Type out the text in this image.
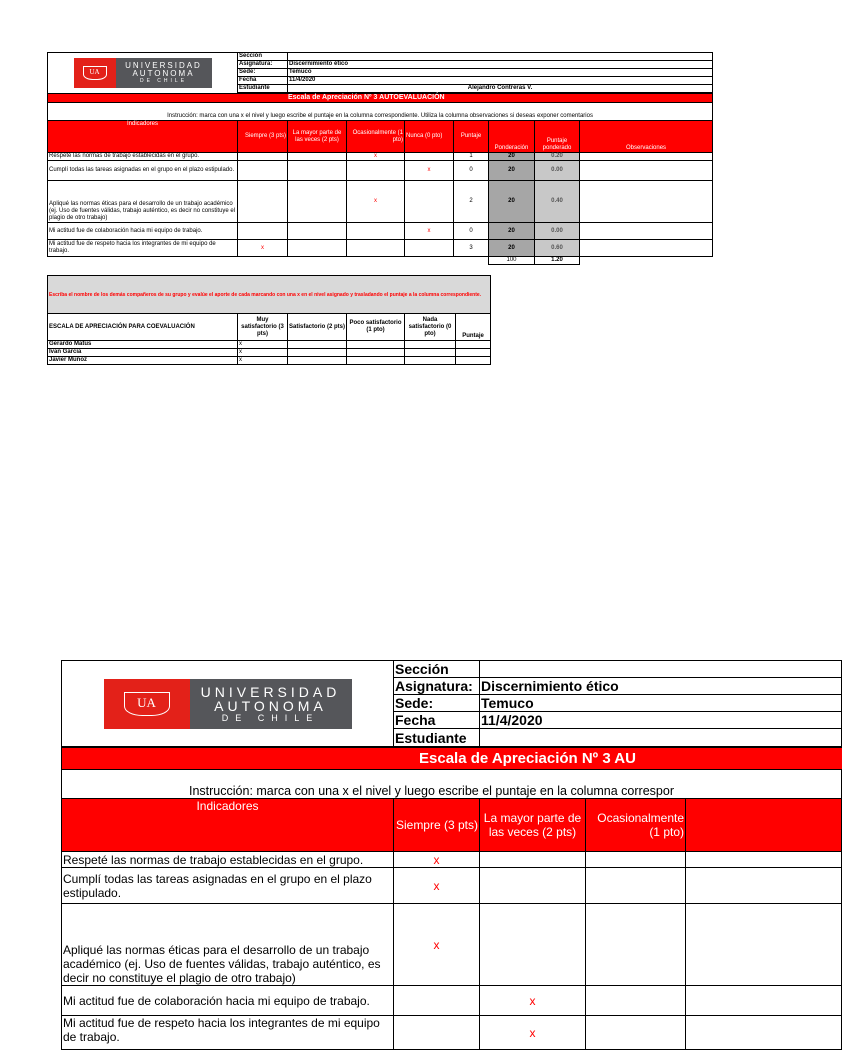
UA
UNIVERSIDAD
AUTONOMA
DE CHILE	Sección	
	Asignatura:	Discernimiento ético
	Sede:	Temuco
	Fecha	11/4/2020
	Estudiante	Alejandro Contreras V.
Escala de Apreciación Nº 3 AUTOEVALUACIÓN								
Instrucción: marca con una x el nivel y luego escribe el puntaje en la columna correspondiente. Utiliza la columna observaciones si deseas exponer comentarios								
Indicadores	Siempre (3 pts)	La mayor parte de las veces (2 pts)	Ocasionalmente (1 pto)	Nunca (0 pto)	Puntaje	Ponderación	Puntaje ponderado	Observaciones
Respeté las normas de trabajo establecidas en el grupo.			x		1	20	0.20	
Cumplí todas las tareas asignadas en el grupo en el plazo estipulado.				x	0	20	0.00	
Apliqué las normas éticas para el desarrollo de un trabajo académico (ej. Uso de fuentes válidas, trabajo auténtico, es decir no constituye el plagio de otro trabajo)			x		2	20	0.40	
Mi actitud fue de colaboración hacia mi equipo de trabajo.				x	0	20	0.00	
Mi actitud fue de respeto hacia los integrantes de mi equipo de trabajo.	x				3	20	0.60	
						100	1.20	
Escriba el nombre de los demás compañeros de su grupo y evalúe el aporte de cada marcando con una x en el nivel asignado y trasladando el puntaje a la columna correspondiente.					
ESCALA DE APRECIACIÓN PARA COEVALUACIÓN	Muy satisfactorio (3 pts)	Satisfactorio (2 pts)	Poco satisfactorio (1 pto)	Nada satisfactorio (0 pto)	Puntaje
Gerardo Matus	x				
Ivan Garcia	x				
Javier Muñoz	x				
UA
UNIVERSIDAD
AUTONOMA
DE CHILE	Sección	
	Asignatura:	Discernimiento ético
	Sede:	Temuco
	Fecha	11/4/2020
	Estudiante	
Escala de Apreciación Nº 3 AU				
Instrucción: marca con una x el nivel y luego escribe el puntaje en la columna correspor				
Indicadores	Siempre (3 pts)	La mayor parte de las veces (2 pts)	Ocasionalmente (1 pto)	
Respeté las normas de trabajo establecidas en el grupo.	x			
Cumplí todas las tareas asignadas en el grupo en el plazo estipulado.	x			
Apliqué las normas éticas para el desarrollo de un trabajo académico (ej. Uso de fuentes válidas, trabajo auténtico, es decir no constituye el plagio de otro trabajo)	x			
Mi actitud fue de colaboración hacia mi equipo de trabajo.		x		
Mi actitud fue de respeto hacia los integrantes de mi equipo de trabajo.		x		
